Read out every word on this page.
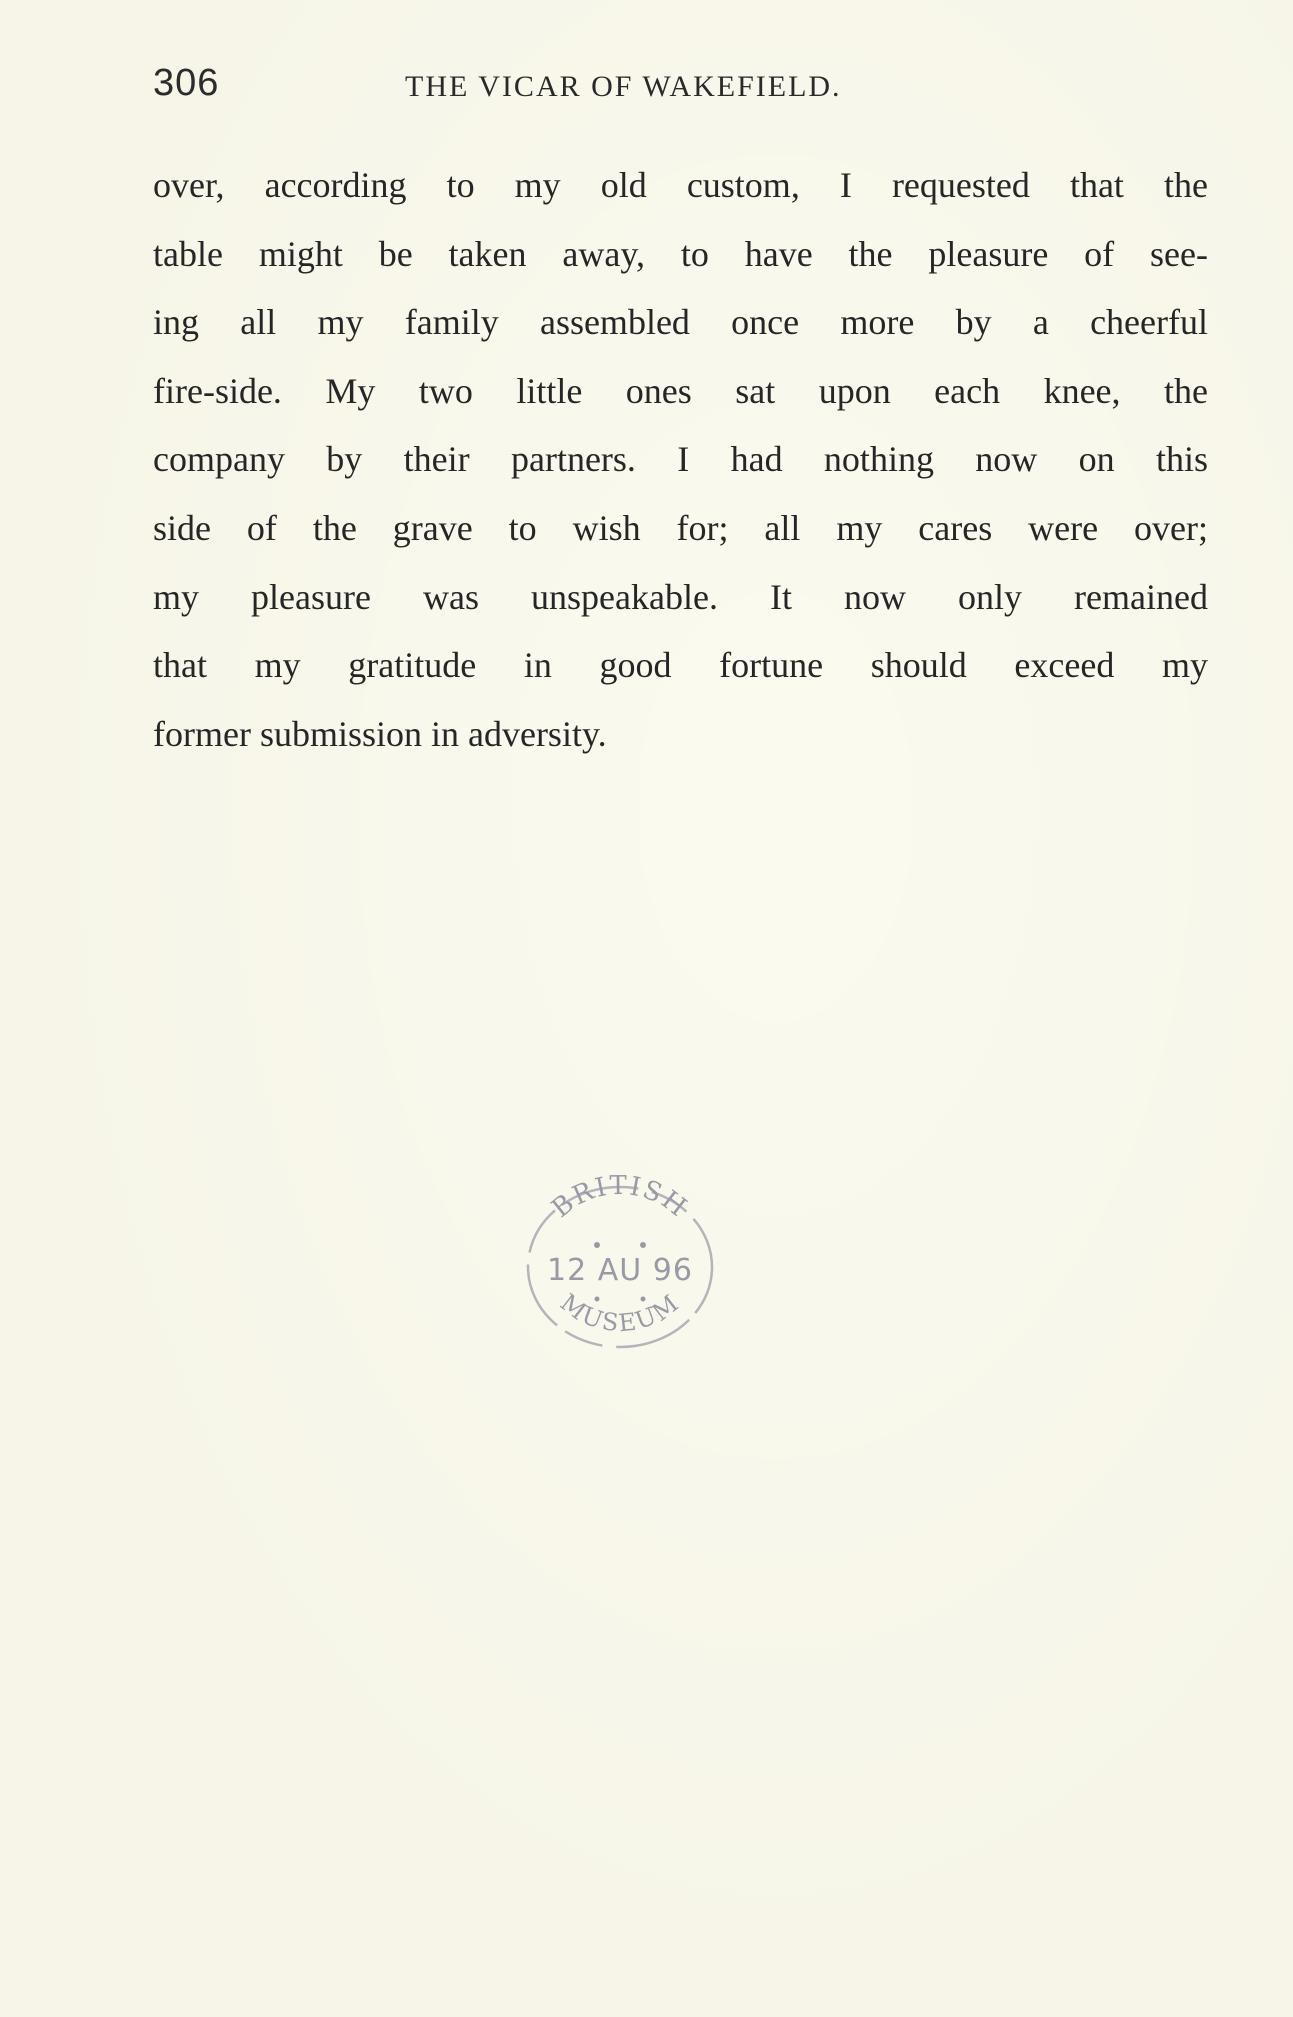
306	THE VICAR OF WAKEFIELD.
over, according to my old custom, I requested that the
table might be taken away, to have the pleasure of see-
ing all my family assembled once more by a cheerful
fire-side. My two little ones sat upon each knee, the
company by their partners. I had nothing now on this
side of the grave to wish for; all my cares were over;
my pleasure was unspeakable. It now only remained
that my gratitude in good fortune should exceed my
former submission in adversity.
BRITISH
12 AU 96
MUSEUM
